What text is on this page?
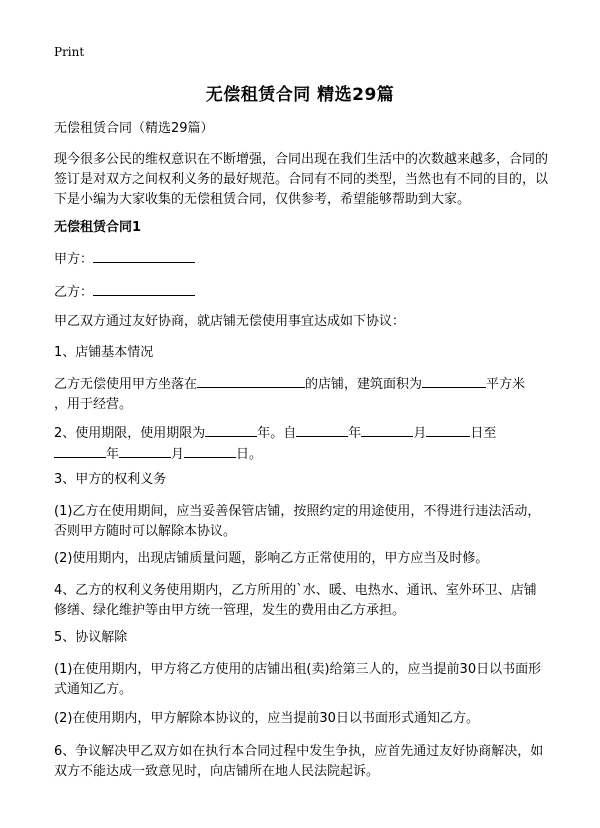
Print
无偿租赁合同 精选29篇

无偿租赁合同（精选29篇）

现今很多公民的维权意识在不断增强，合同出现在我们生活中的次数越来越多，合同的签订是对双方之间权利义务的最好规范。合同有不同的类型，当然也有不同的目的，以下是小编为大家收集的无偿租赁合同，仅供参考，希望能够帮助到大家。

无偿租赁合同1

甲方：

乙方：

甲乙双方通过友好协商，就店铺无偿使用事宜达成如下协议：

1、店铺基本情况

乙方无偿使用甲方坐落在	的店铺，建筑面积为	平方米
，用于经营。

2、使用期限，使用期限为	年。自	年	月	日至
年	月	日。

3、甲方的权利义务

(1)乙方在使用期间，应当妥善保管店铺，按照约定的用途使用，不得进行违法活动，否则甲方随时可以解除本协议。

(2)使用期内，出现店铺质量问题，影响乙方正常使用的，甲方应当及时修。

4、乙方的权利义务使用期内，乙方所用的`水、暖、电热水、通讯、室外环卫、店铺修缮、绿化维护等由甲方统一管理，发生的费用由乙方承担。

5、协议解除

(1)在使用期内，甲方将乙方使用的店铺出租(卖)给第三人的，应当提前30日以书面形式通知乙方。

(2)在使用期内，甲方解除本协议的，应当提前30日以书面形式通知乙方。

6、争议解决甲乙双方如在执行本合同过程中发生争执，应首先通过友好协商解决，如双方不能达成一致意见时，向店铺所在地人民法院起诉。
